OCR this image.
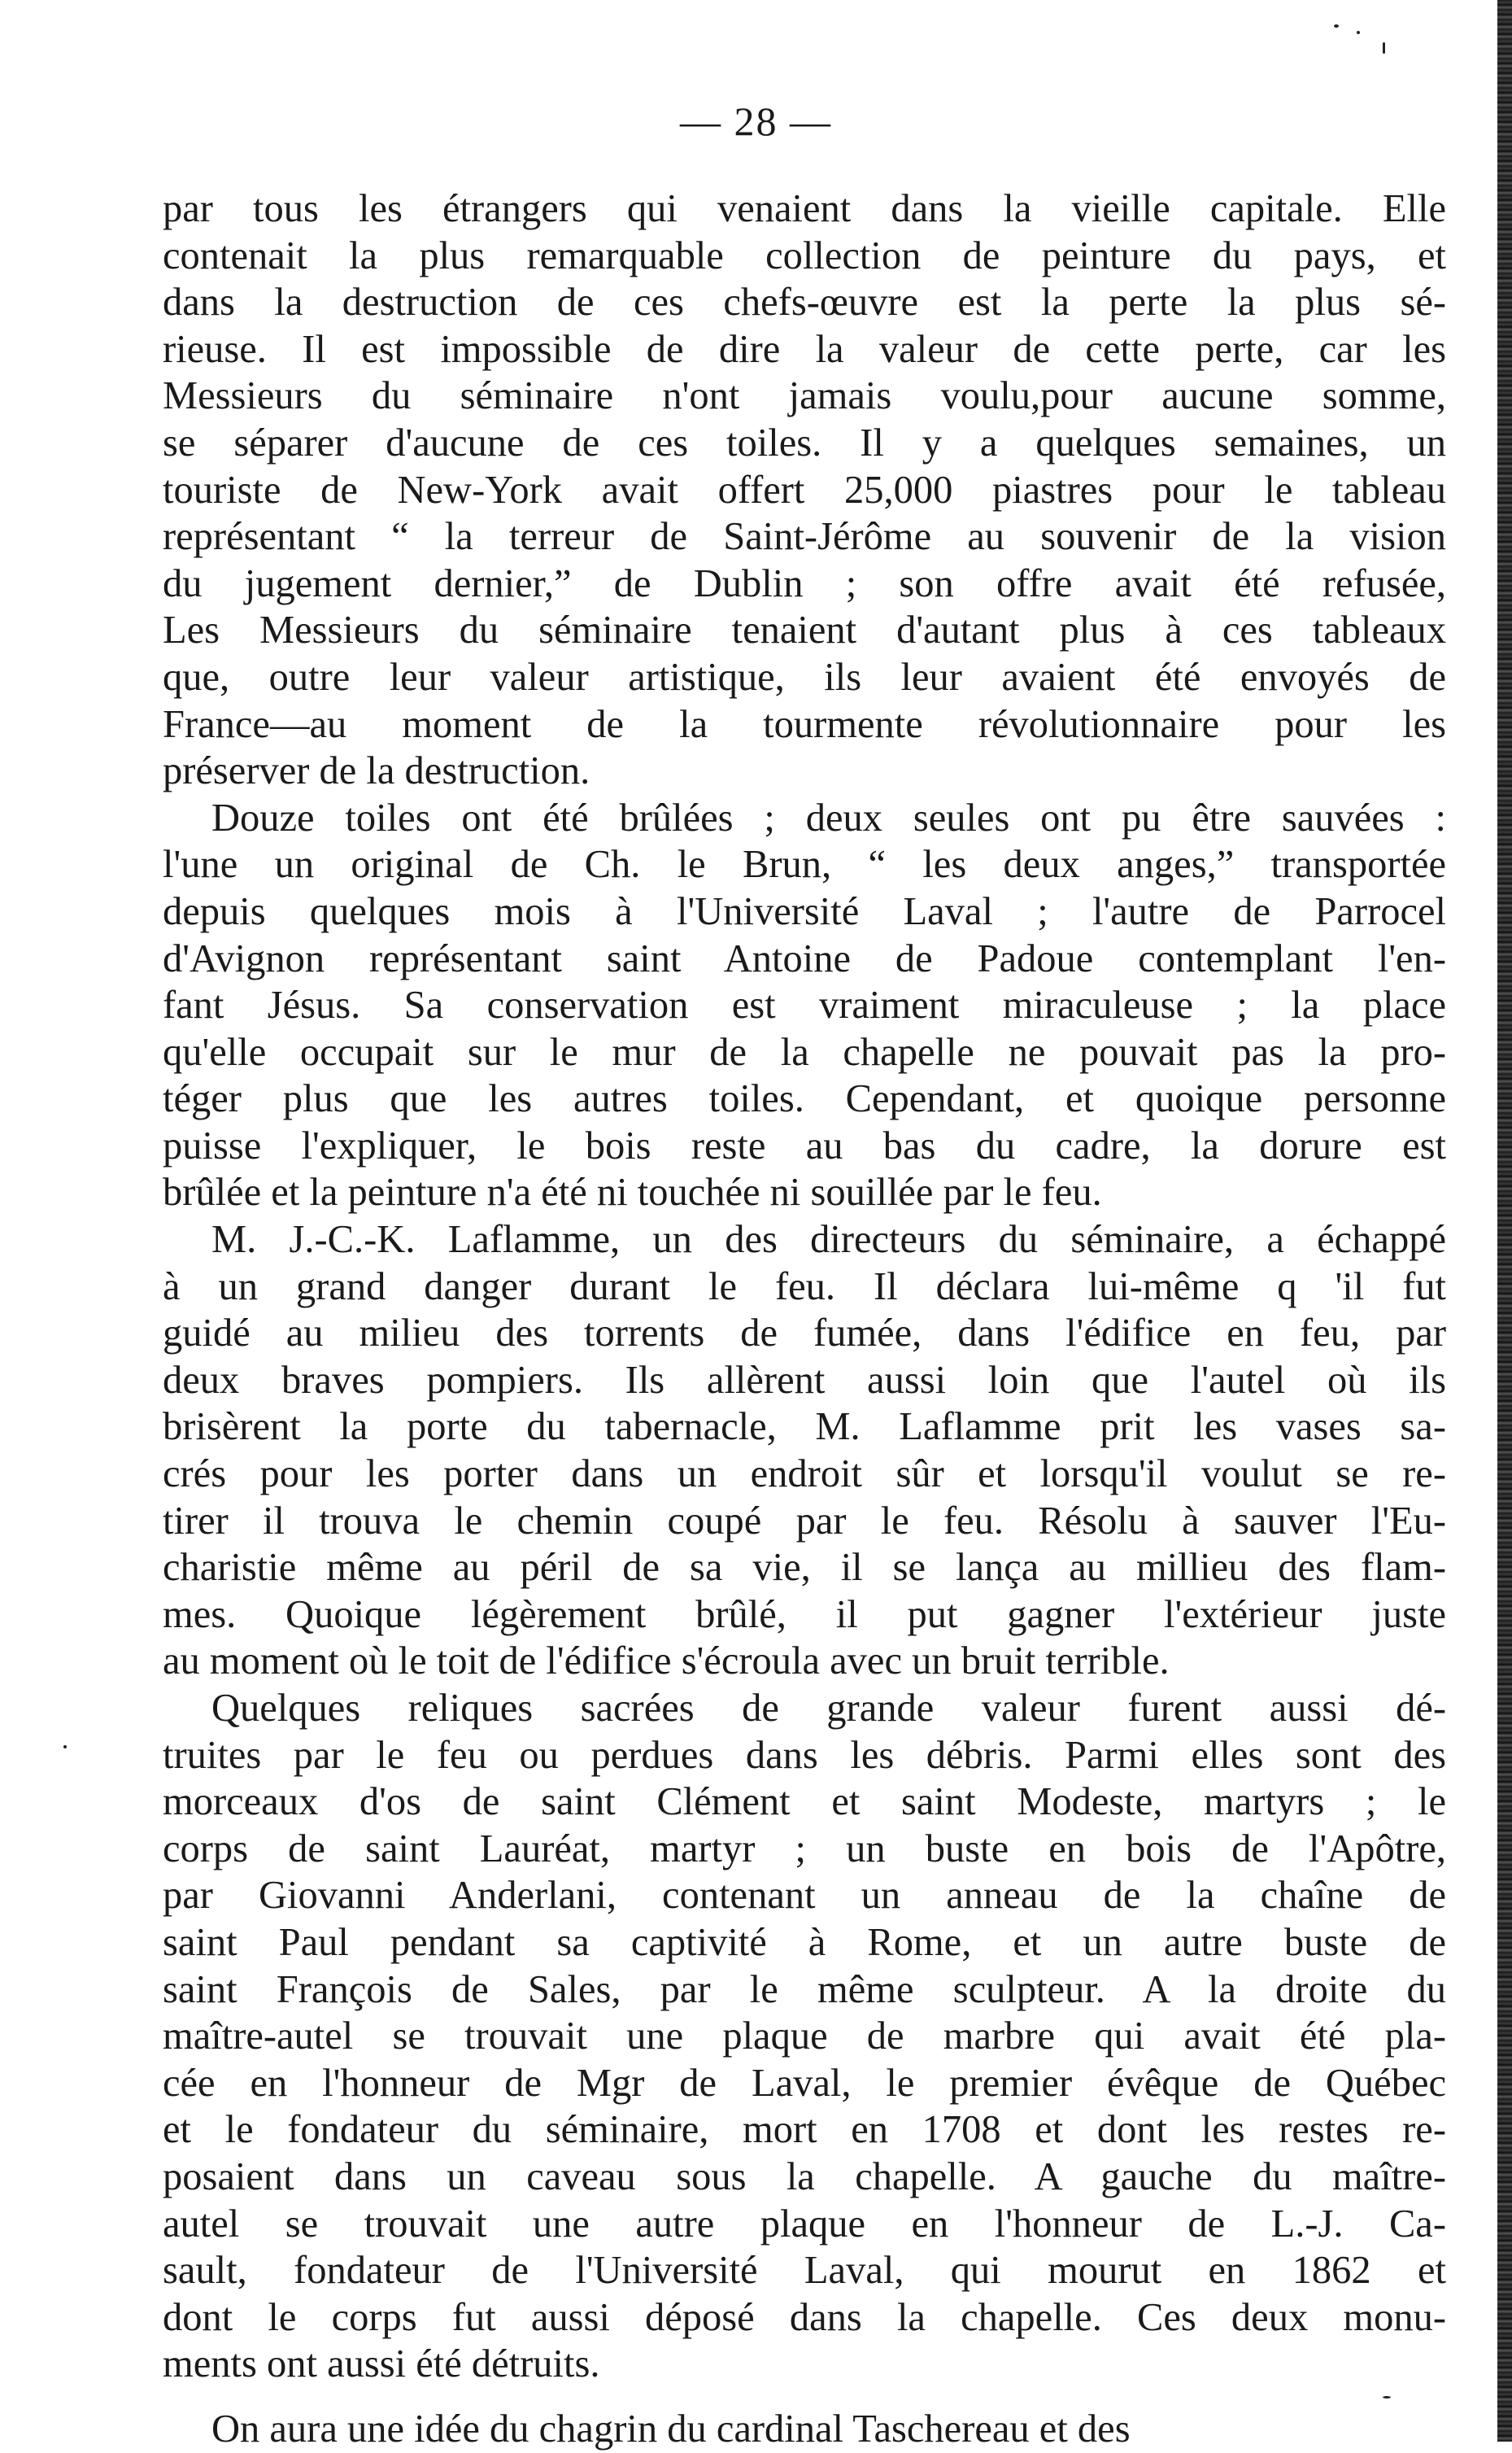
— 28 —
par tous les étrangers qui venaient dans la vieille capitale. Elle
contenait la plus remarquable collection de peinture du pays, et
dans la destruction de ces chefs-œuvre est la perte la plus sé-
rieuse. Il est impossible de dire la valeur de cette perte, car les
Messieurs du séminaire n'ont jamais voulu,pour aucune somme,
se séparer d'aucune de ces toiles. Il y a quelques semaines, un
touriste de New-York avait offert 25,000 piastres pour le tableau
représentant “ la terreur de Saint-Jérôme au souvenir de la vision
du jugement dernier,” de Dublin ; son offre avait été refusée,
Les Messieurs du séminaire tenaient d'autant plus à ces tableaux
que, outre leur valeur artistique, ils leur avaient été envoyés de
France—au moment de la tourmente révolutionnaire pour les
préserver de la destruction.
Douze toiles ont été brûlées ; deux seules ont pu être sauvées :
l'une un original de Ch. le Brun, “ les deux anges,” transportée
depuis quelques mois à l'Université Laval ; l'autre de Parrocel
d'Avignon représentant saint Antoine de Padoue contemplant l'en-
fant Jésus. Sa conservation est vraiment miraculeuse ; la place
qu'elle occupait sur le mur de la chapelle ne pouvait pas la pro-
téger plus que les autres toiles. Cependant, et quoique personne
puisse l'expliquer, le bois reste au bas du cadre, la dorure est
brûlée et la peinture n'a été ni touchée ni souillée par le feu.
M. J.-C.-K. Laflamme, un des directeurs du séminaire, a échappé
à un grand danger durant le feu. Il déclara lui-même q 'il fut
guidé au milieu des torrents de fumée, dans l'édifice en feu, par
deux braves pompiers. Ils allèrent aussi loin que l'autel où ils
brisèrent la porte du tabernacle, M. Laflamme prit les vases sa-
crés pour les porter dans un endroit sûr et lorsqu'il voulut se re-
tirer il trouva le chemin coupé par le feu. Résolu à sauver l'Eu-
charistie même au péril de sa vie, il se lança au millieu des flam-
mes. Quoique légèrement brûlé, il put gagner l'extérieur juste
au moment où le toit de l'édifice s'écroula avec un bruit terrible.
Quelques reliques sacrées de grande valeur furent aussi dé-
truites par le feu ou perdues dans les débris. Parmi elles sont des
morceaux d'os de saint Clément et saint Modeste, martyrs ; le
corps de saint Lauréat, martyr ; un buste en bois de l'Apôtre,
par Giovanni Anderlani, contenant un anneau de la chaîne de
saint Paul pendant sa captivité à Rome, et un autre buste de
saint François de Sales, par le même sculpteur. A la droite du
maître-autel se trouvait une plaque de marbre qui avait été pla-
cée en l'honneur de Mgr de Laval, le premier évêque de Québec
et le fondateur du séminaire, mort en 1708 et dont les restes re-
posaient dans un caveau sous la chapelle. A gauche du maître-
autel se trouvait une autre plaque en l'honneur de L.-J. Ca-
sault, fondateur de l'Université Laval, qui mourut en 1862 et
dont le corps fut aussi déposé dans la chapelle. Ces deux monu-
ments ont aussi été détruits.
On aura une idée du chagrin du cardinal Taschereau et des
